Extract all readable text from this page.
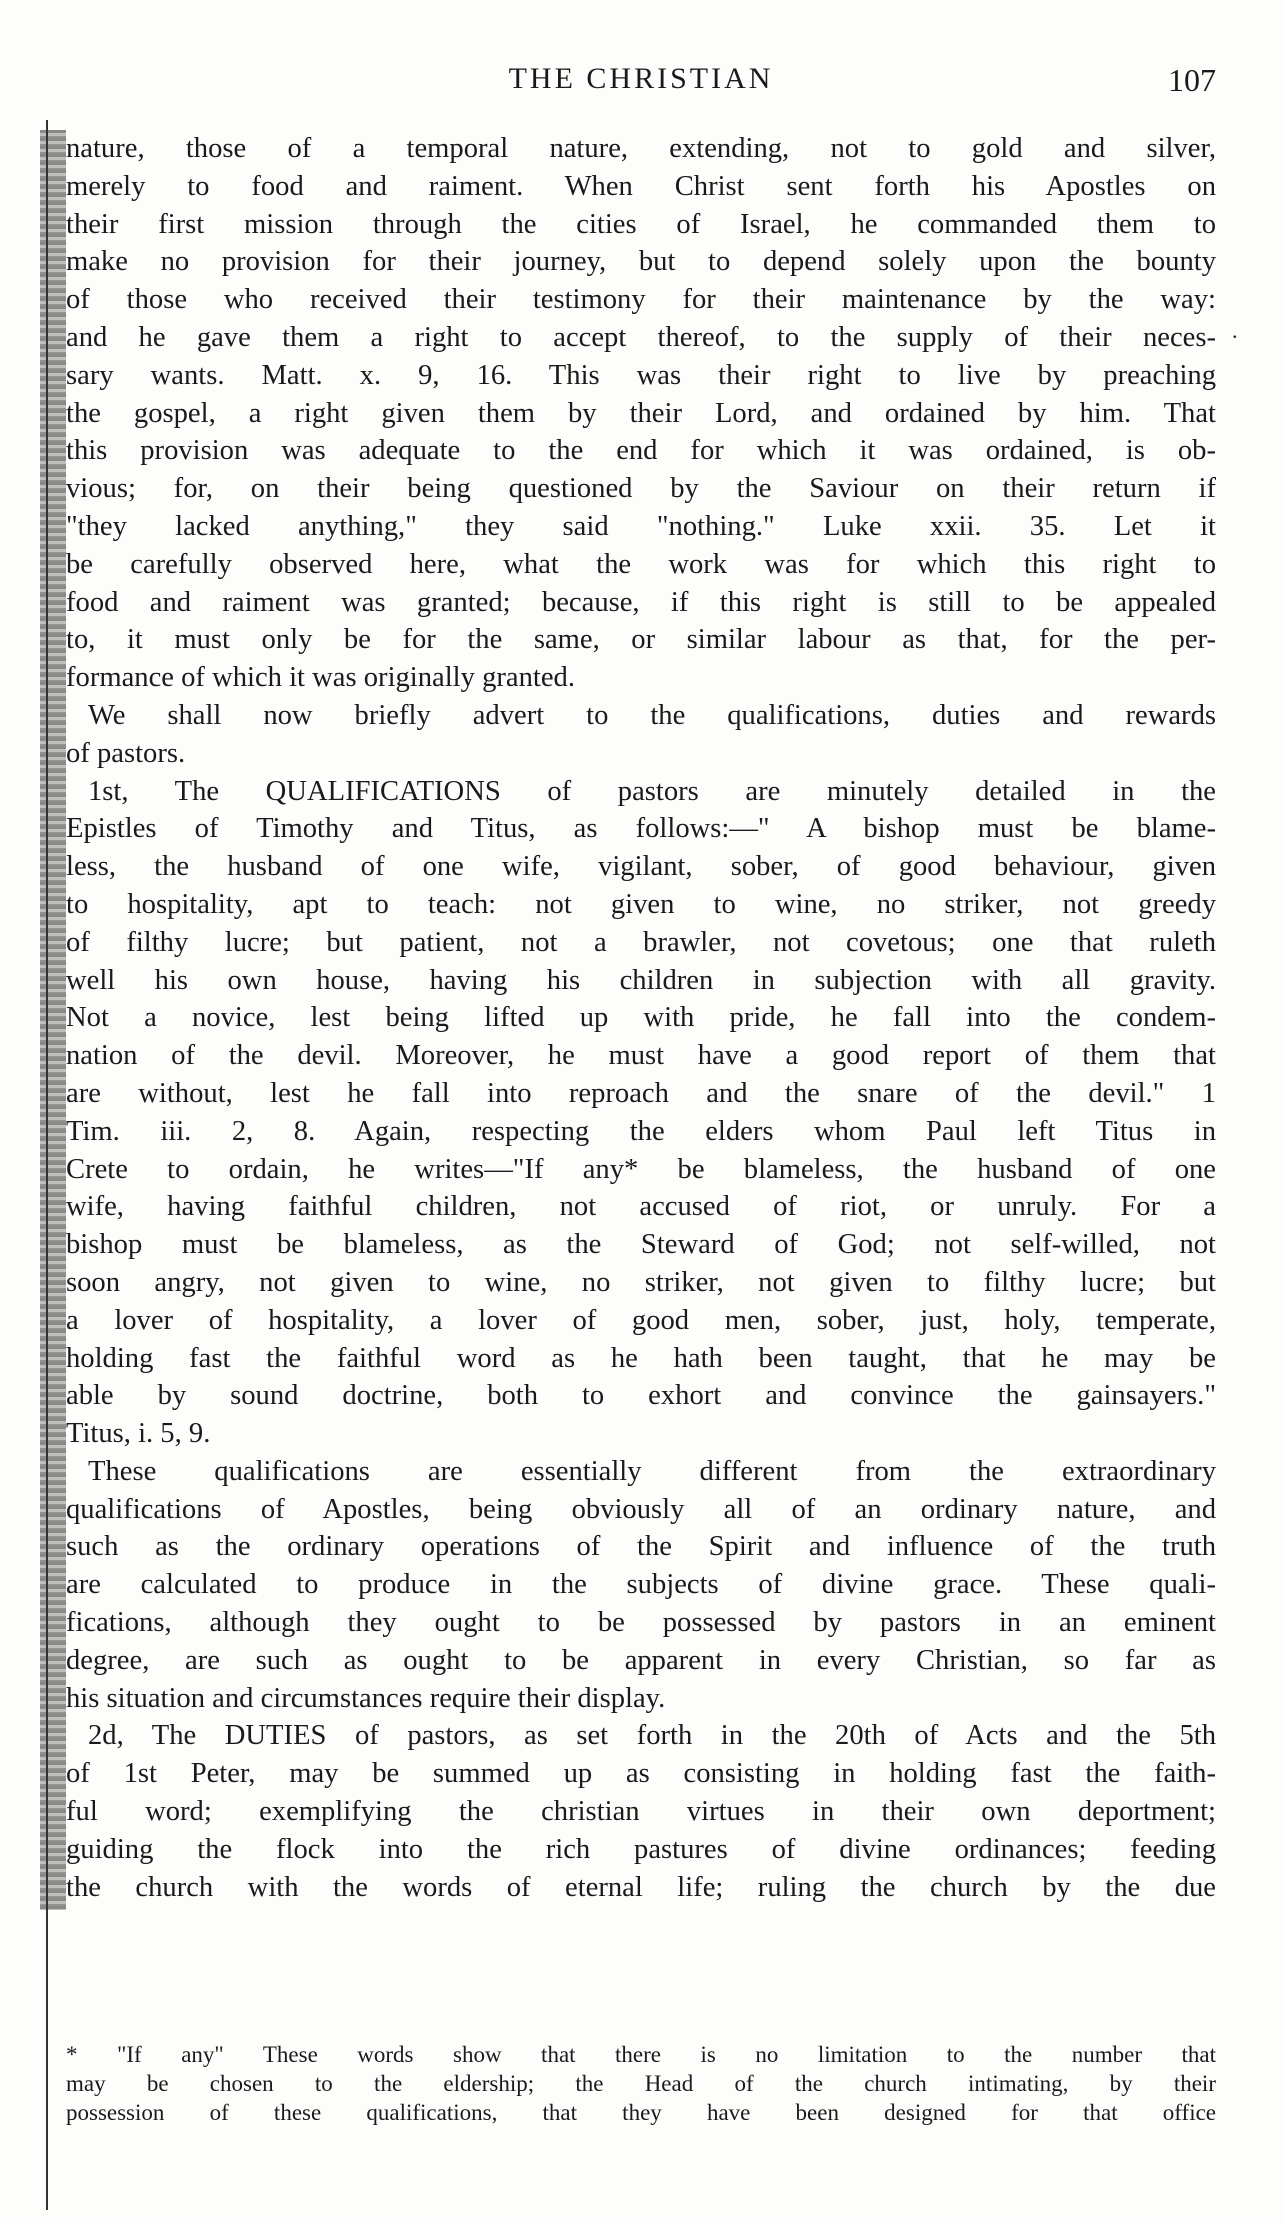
THE CHRISTIAN	107
.
nature, those of a temporal nature, extending, not to gold and silver,
merely to food and raiment. When Christ sent forth his Apostles on
their first mission through the cities of Israel, he commanded them to
make no provision for their journey, but to depend solely upon the bounty
of those who received their testimony for their maintenance by the way:
and he gave them a right to accept thereof, to the supply of their neces-
sary wants. Matt. x. 9, 16. This was their right to live by preaching
the gospel, a right given them by their Lord, and ordained by him. That
this provision was adequate to the end for which it was ordained, is ob-
vious; for, on their being questioned by the Saviour on their return if
"they lacked anything," they said "nothing." Luke xxii. 35. Let it
be carefully observed here, what the work was for which this right to
food and raiment was granted; because, if this right is still to be appealed
to, it must only be for the same, or similar labour as that, for the per-
formance of which it was originally granted.
We shall now briefly advert to the qualifications, duties and rewards
of pastors.
1st, The QUALIFICATIONS of pastors are minutely detailed in the
Epistles of Timothy and Titus, as follows:—" A bishop must be blame-
less, the husband of one wife, vigilant, sober, of good behaviour, given
to hospitality, apt to teach: not given to wine, no striker, not greedy
of filthy lucre; but patient, not a brawler, not covetous; one that ruleth
well his own house, having his children in subjection with all gravity.
Not a novice, lest being lifted up with pride, he fall into the condem-
nation of the devil. Moreover, he must have a good report of them that
are without, lest he fall into reproach and the snare of the devil." 1
Tim. iii. 2, 8. Again, respecting the elders whom Paul left Titus in
Crete to ordain, he writes—"If any* be blameless, the husband of one
wife, having faithful children, not accused of riot, or unruly. For a
bishop must be blameless, as the Steward of God; not self-willed, not
soon angry, not given to wine, no striker, not given to filthy lucre; but
a lover of hospitality, a lover of good men, sober, just, holy, temperate,
holding fast the faithful word as he hath been taught, that he may be
able by sound doctrine, both to exhort and convince the gainsayers."
Titus, i. 5, 9.
These qualifications are essentially different from the extraordinary
qualifications of Apostles, being obviously all of an ordinary nature, and
such as the ordinary operations of the Spirit and influence of the truth
are calculated to produce in the subjects of divine grace. These quali-
fications, although they ought to be possessed by pastors in an eminent
degree, are such as ought to be apparent in every Christian, so far as
his situation and circumstances require their display.
2d, The DUTIES of pastors, as set forth in the 20th of Acts and the 5th
of 1st Peter, may be summed up as consisting in holding fast the faith-
ful word; exemplifying the christian virtues in their own deportment;
guiding the flock into the rich pastures of divine ordinances; feeding
the church with the words of eternal life; ruling the church by the due
* "If any" These words show that there is no limitation to the number that
may be chosen to the eldership; the Head of the church intimating, by their
possession of these qualifications, that they have been designed for that office
